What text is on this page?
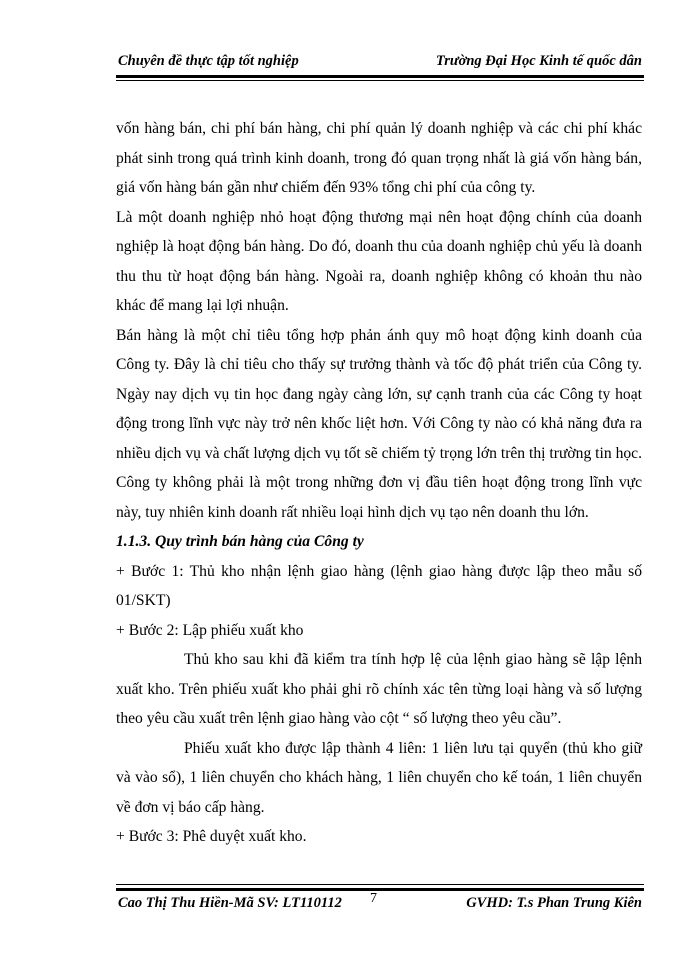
Chuyên đề thực tập tốt nghiệp	Trường Đại Học Kinh tế quốc dân

vốn hàng bán, chi phí bán hàng, chi phí quản lý doanh nghiệp và các chi phí khác phát sinh trong quá trình kinh doanh, trong đó quan trọng nhất là giá vốn hàng bán, giá vốn hàng bán gần như chiếm đến 93% tổng chi phí của công ty.

Là một doanh nghiệp nhỏ hoạt động thương mại nên hoạt động chính của doanh nghiệp là hoạt động bán hàng. Do đó, doanh thu của doanh nghiệp chủ yếu là doanh thu thu từ hoạt động bán hàng. Ngoài ra, doanh nghiệp không có khoản thu nào khác để mang lại lợi nhuận.

Bán hàng là một chỉ tiêu tổng hợp phản ánh quy mô hoạt động kinh doanh của Công ty. Đây là chỉ tiêu cho thấy sự trưởng thành và tốc độ phát triển của Công ty. Ngày nay dịch vụ tin học đang ngày càng lớn, sự cạnh tranh của các Công ty hoạt động trong lĩnh vực này trở nên khốc liệt hơn. Với Công ty nào có khả năng đưa ra nhiều dịch vụ và chất lượng dịch vụ tốt sẽ chiếm tỷ trọng lớn trên thị trường tin học. Công ty không phải là một trong những đơn vị đầu tiên hoạt động trong lĩnh vực này, tuy nhiên kinh doanh rất nhiều loại hình dịch vụ tạo nên doanh thu lớn.

1.1.3. Quy trình bán hàng của Công ty

+ Bước 1: Thủ kho nhận lệnh giao hàng (lệnh giao hàng được lập theo mẫu số 01/SKT)

+ Bước 2: Lập phiếu xuất kho

Thủ kho sau khi đã kiểm tra tính hợp lệ của lệnh giao hàng sẽ lập lệnh xuất kho. Trên phiếu xuất kho phải ghi rõ chính xác tên từng loại hàng và số lượng theo yêu cầu xuất trên lệnh giao hàng vào cột “ số lượng theo yêu cầu”.

Phiếu xuất kho được lập thành 4 liên: 1 liên lưu tại quyển (thủ kho giữ và vào sổ), 1 liên chuyển cho khách hàng, 1 liên chuyển cho kế toán, 1 liên chuyển về đơn vị báo cấp hàng.

+ Bước 3: Phê duyệt xuất kho.

Cao Thị Thu Hiền-Mã SV: LT110112 7	GVHD: T.s Phan Trung Kiên
